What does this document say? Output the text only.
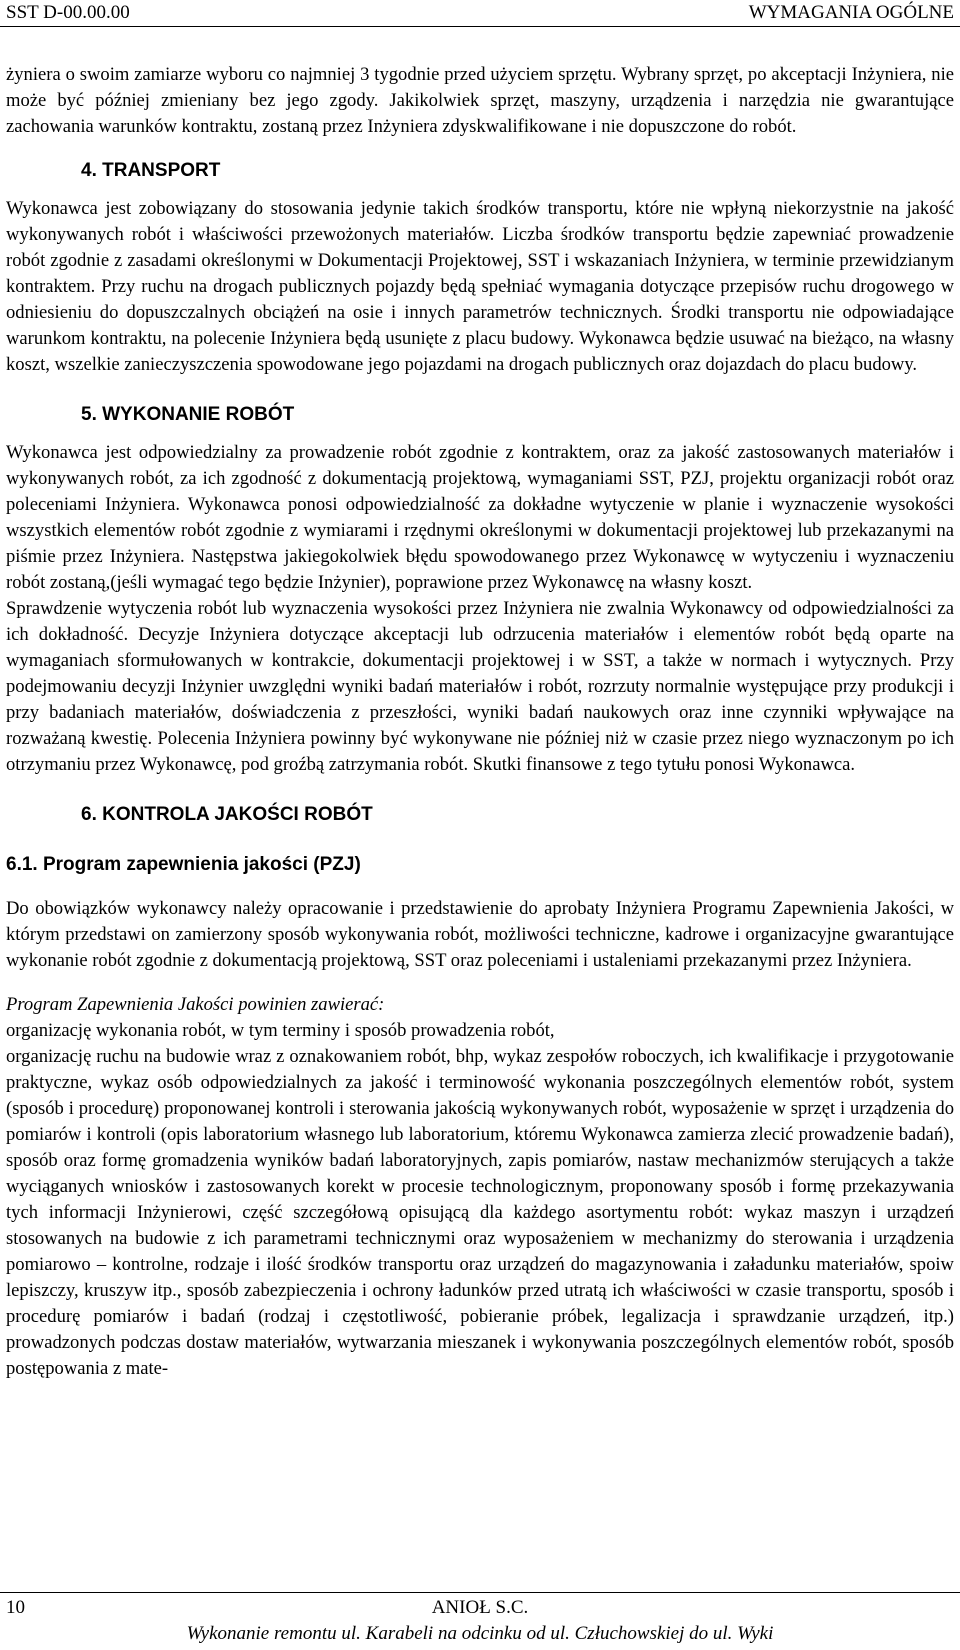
SST D-00.00.00	WYMAGANIA OGÓLNE

żyniera o swoim zamiarze wyboru co najmniej 3 tygodnie przed użyciem sprzętu. Wybrany sprzęt, po akceptacji Inżyniera, nie może być później zmieniany bez jego zgody. Jakikolwiek sprzęt, maszyny, urządzenia i narzędzia nie gwarantujące zachowania warunków kontraktu, zostaną przez Inżyniera zdyskwalifikowane i nie dopuszczone do robót.

4. TRANSPORT

Wykonawca jest zobowiązany do stosowania jedynie takich środków transportu, które nie wpłyną niekorzystnie na jakość wykonywanych robót i właściwości przewożonych materiałów. Liczba środków transportu będzie zapewniać prowadzenie robót zgodnie z zasadami określonymi w Dokumentacji Projektowej, SST i wskazaniach Inżyniera, w terminie przewidzianym kontraktem. Przy ruchu na drogach publicznych pojazdy będą spełniać wymagania dotyczące przepisów ruchu drogowego w odniesieniu do dopuszczalnych obciążeń na osie i innych parametrów technicznych. Środki transportu nie odpowiadające warunkom kontraktu, na polecenie Inżyniera będą usunięte z placu budowy. Wykonawca będzie usuwać na bieżąco, na własny koszt, wszelkie zanieczyszczenia spowodowane jego pojazdami na drogach publicznych oraz dojazdach do placu budowy.

5. WYKONANIE ROBÓT

Wykonawca jest odpowiedzialny za prowadzenie robót zgodnie z kontraktem, oraz za jakość zastosowanych materiałów i wykonywanych robót, za ich zgodność z dokumentacją projektową, wymaganiami SST, PZJ, projektu organizacji robót oraz poleceniami Inżyniera. Wykonawca ponosi odpowiedzialność za dokładne wytyczenie w planie i wyznaczenie wysokości wszystkich elementów robót zgodnie z wymiarami i rzędnymi określonymi w dokumentacji projektowej lub przekazanymi na piśmie przez Inżyniera. Następstwa jakiegokolwiek błędu spowodowanego przez Wykonawcę w wytyczeniu i wyznaczeniu robót zostaną,(jeśli wymagać tego będzie Inżynier), poprawione przez Wykonawcę na własny koszt.

Sprawdzenie wytyczenia robót lub wyznaczenia wysokości przez Inżyniera nie zwalnia Wykonawcy od odpowiedzialności za ich dokładność. Decyzje Inżyniera dotyczące akceptacji lub odrzucenia materiałów i elementów robót będą oparte na wymaganiach sformułowanych w kontrakcie, dokumentacji projektowej i w SST, a także w normach i wytycznych. Przy podejmowaniu decyzji Inżynier uwzględni wyniki badań materiałów i robót, rozrzuty normalnie występujące przy produkcji i przy badaniach materiałów, doświadczenia z przeszłości, wyniki badań naukowych oraz inne czynniki wpływające na rozważaną kwestię. Polecenia Inżyniera powinny być wykonywane nie później niż w czasie przez niego wyznaczonym po ich otrzymaniu przez Wykonawcę, pod groźbą zatrzymania robót. Skutki finansowe z tego tytułu ponosi Wykonawca.

6. KONTROLA JAKOŚCI ROBÓT
6.1. Program zapewnienia jakości (PZJ)

Do obowiązków wykonawcy należy opracowanie i przedstawienie do aprobaty Inżyniera Programu Zapewnienia Jakości, w którym przedstawi on zamierzony sposób wykonywania robót, możliwości techniczne, kadrowe i organizacyjne gwarantujące wykonanie robót zgodnie z dokumentacją projektową, SST oraz poleceniami i ustaleniami przekazanymi przez Inżyniera.

Program Zapewnienia Jakości powinien zawierać:

organizację wykonania robót, w tym terminy i sposób prowadzenia robót,

organizację ruchu na budowie wraz z oznakowaniem robót, bhp, wykaz zespołów roboczych, ich kwalifikacje i przygotowanie praktyczne, wykaz osób odpowiedzialnych za jakość i terminowość wykonania poszczególnych elementów robót, system (sposób i procedurę) proponowanej kontroli i sterowania jakością wykonywanych robót, wyposażenie w sprzęt i urządzenia do pomiarów i kontroli (opis laboratorium własnego lub laboratorium, któremu Wykonawca zamierza zlecić prowadzenie badań), sposób oraz formę gromadzenia wyników badań laboratoryjnych, zapis pomiarów, nastaw mechanizmów sterujących a także wyciąganych wniosków i zastosowanych korekt w procesie technologicznym, proponowany sposób i formę przekazywania tych informacji Inżynierowi, część szczegółową opisującą dla każdego asortymentu robót: wykaz maszyn i urządzeń stosowanych na budowie z ich parametrami technicznymi oraz wyposażeniem w mechanizmy do sterowania i urządzenia pomiarowo – kontrolne, rodzaje i ilość środków transportu oraz urządzeń do magazynowania i załadunku materiałów, spoiw lepiszczy, kruszyw itp., sposób zabezpieczenia i ochrony ładunków przed utratą ich właściwości w czasie transportu, sposób i procedurę pomiarów i badań (rodzaj i częstotliwość, pobieranie próbek, legalizacja i sprawdzanie urządzeń, itp.) prowadzonych podczas dostaw materiałów, wytwarzania mieszanek i wykonywania poszczególnych elementów robót, sposób postępowania z mate-

10	ANIOŁ S.C.
Wykonanie remontu ul. Karabeli na odcinku od ul. Człuchowskiej do ul. Wyki
